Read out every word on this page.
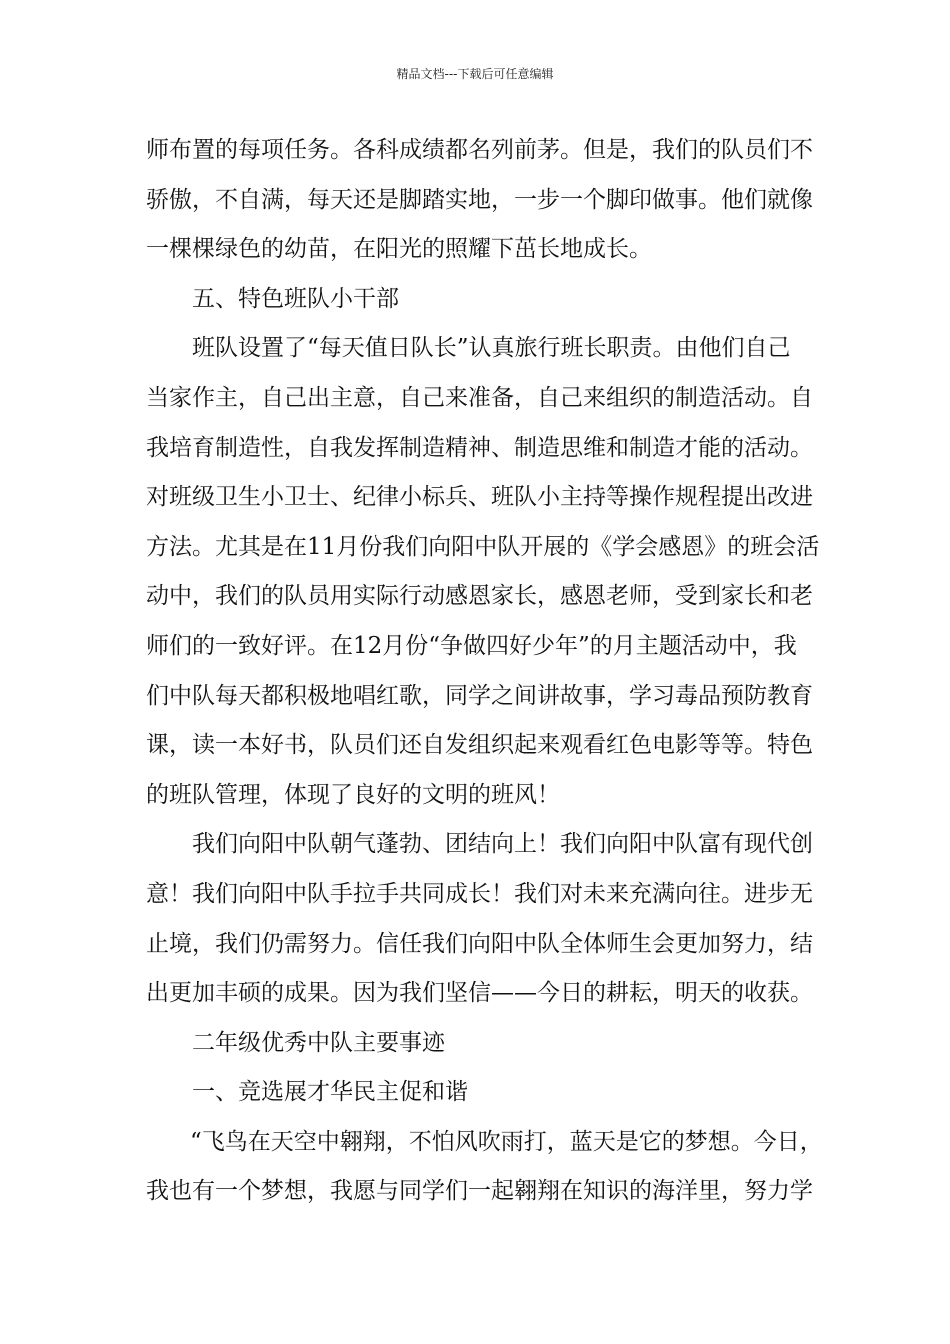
精品文档---下载后可任意编辑
师布置的每项任务。各科成绩都名列前茅。但是，我们的队员们不
骄傲，不自满，每天还是脚踏实地，一步一个脚印做事。他们就像
一棵棵绿色的幼苗，在阳光的照耀下茁长地成长。
五、特色班队小干部
班队设置了“每天值日队长”认真旅行班长职责。由他们自己
当家作主，自己出主意，自己来准备，自己来组织的制造活动。自
我培育制造性，自我发挥制造精神、制造思维和制造才能的活动。
对班级卫生小卫士、纪律小标兵、班队小主持等操作规程提出改进
方法。尤其是在11月份我们向阳中队开展的《学会感恩》的班会活
动中，我们的队员用实际行动感恩家长，感恩老师，受到家长和老
师们的一致好评。在12月份“争做四好少年”的月主题活动中，我
们中队每天都积极地唱红歌，同学之间讲故事，学习毒品预防教育
课，读一本好书，队员们还自发组织起来观看红色电影等等。特色
的班队管理，体现了良好的文明的班风！
我们向阳中队朝气蓬勃、团结向上！我们向阳中队富有现代创
意！我们向阳中队手拉手共同成长！我们对未来充满向往。进步无
止境，我们仍需努力。信任我们向阳中队全体师生会更加努力，结
出更加丰硕的成果。因为我们坚信——今日的耕耘，明天的收获。
二年级优秀中队主要事迹
一、竞选展才华民主促和谐
“飞鸟在天空中翱翔，不怕风吹雨打，蓝天是它的梦想。今日，
我也有一个梦想，我愿与同学们一起翱翔在知识的海洋里，努力学
